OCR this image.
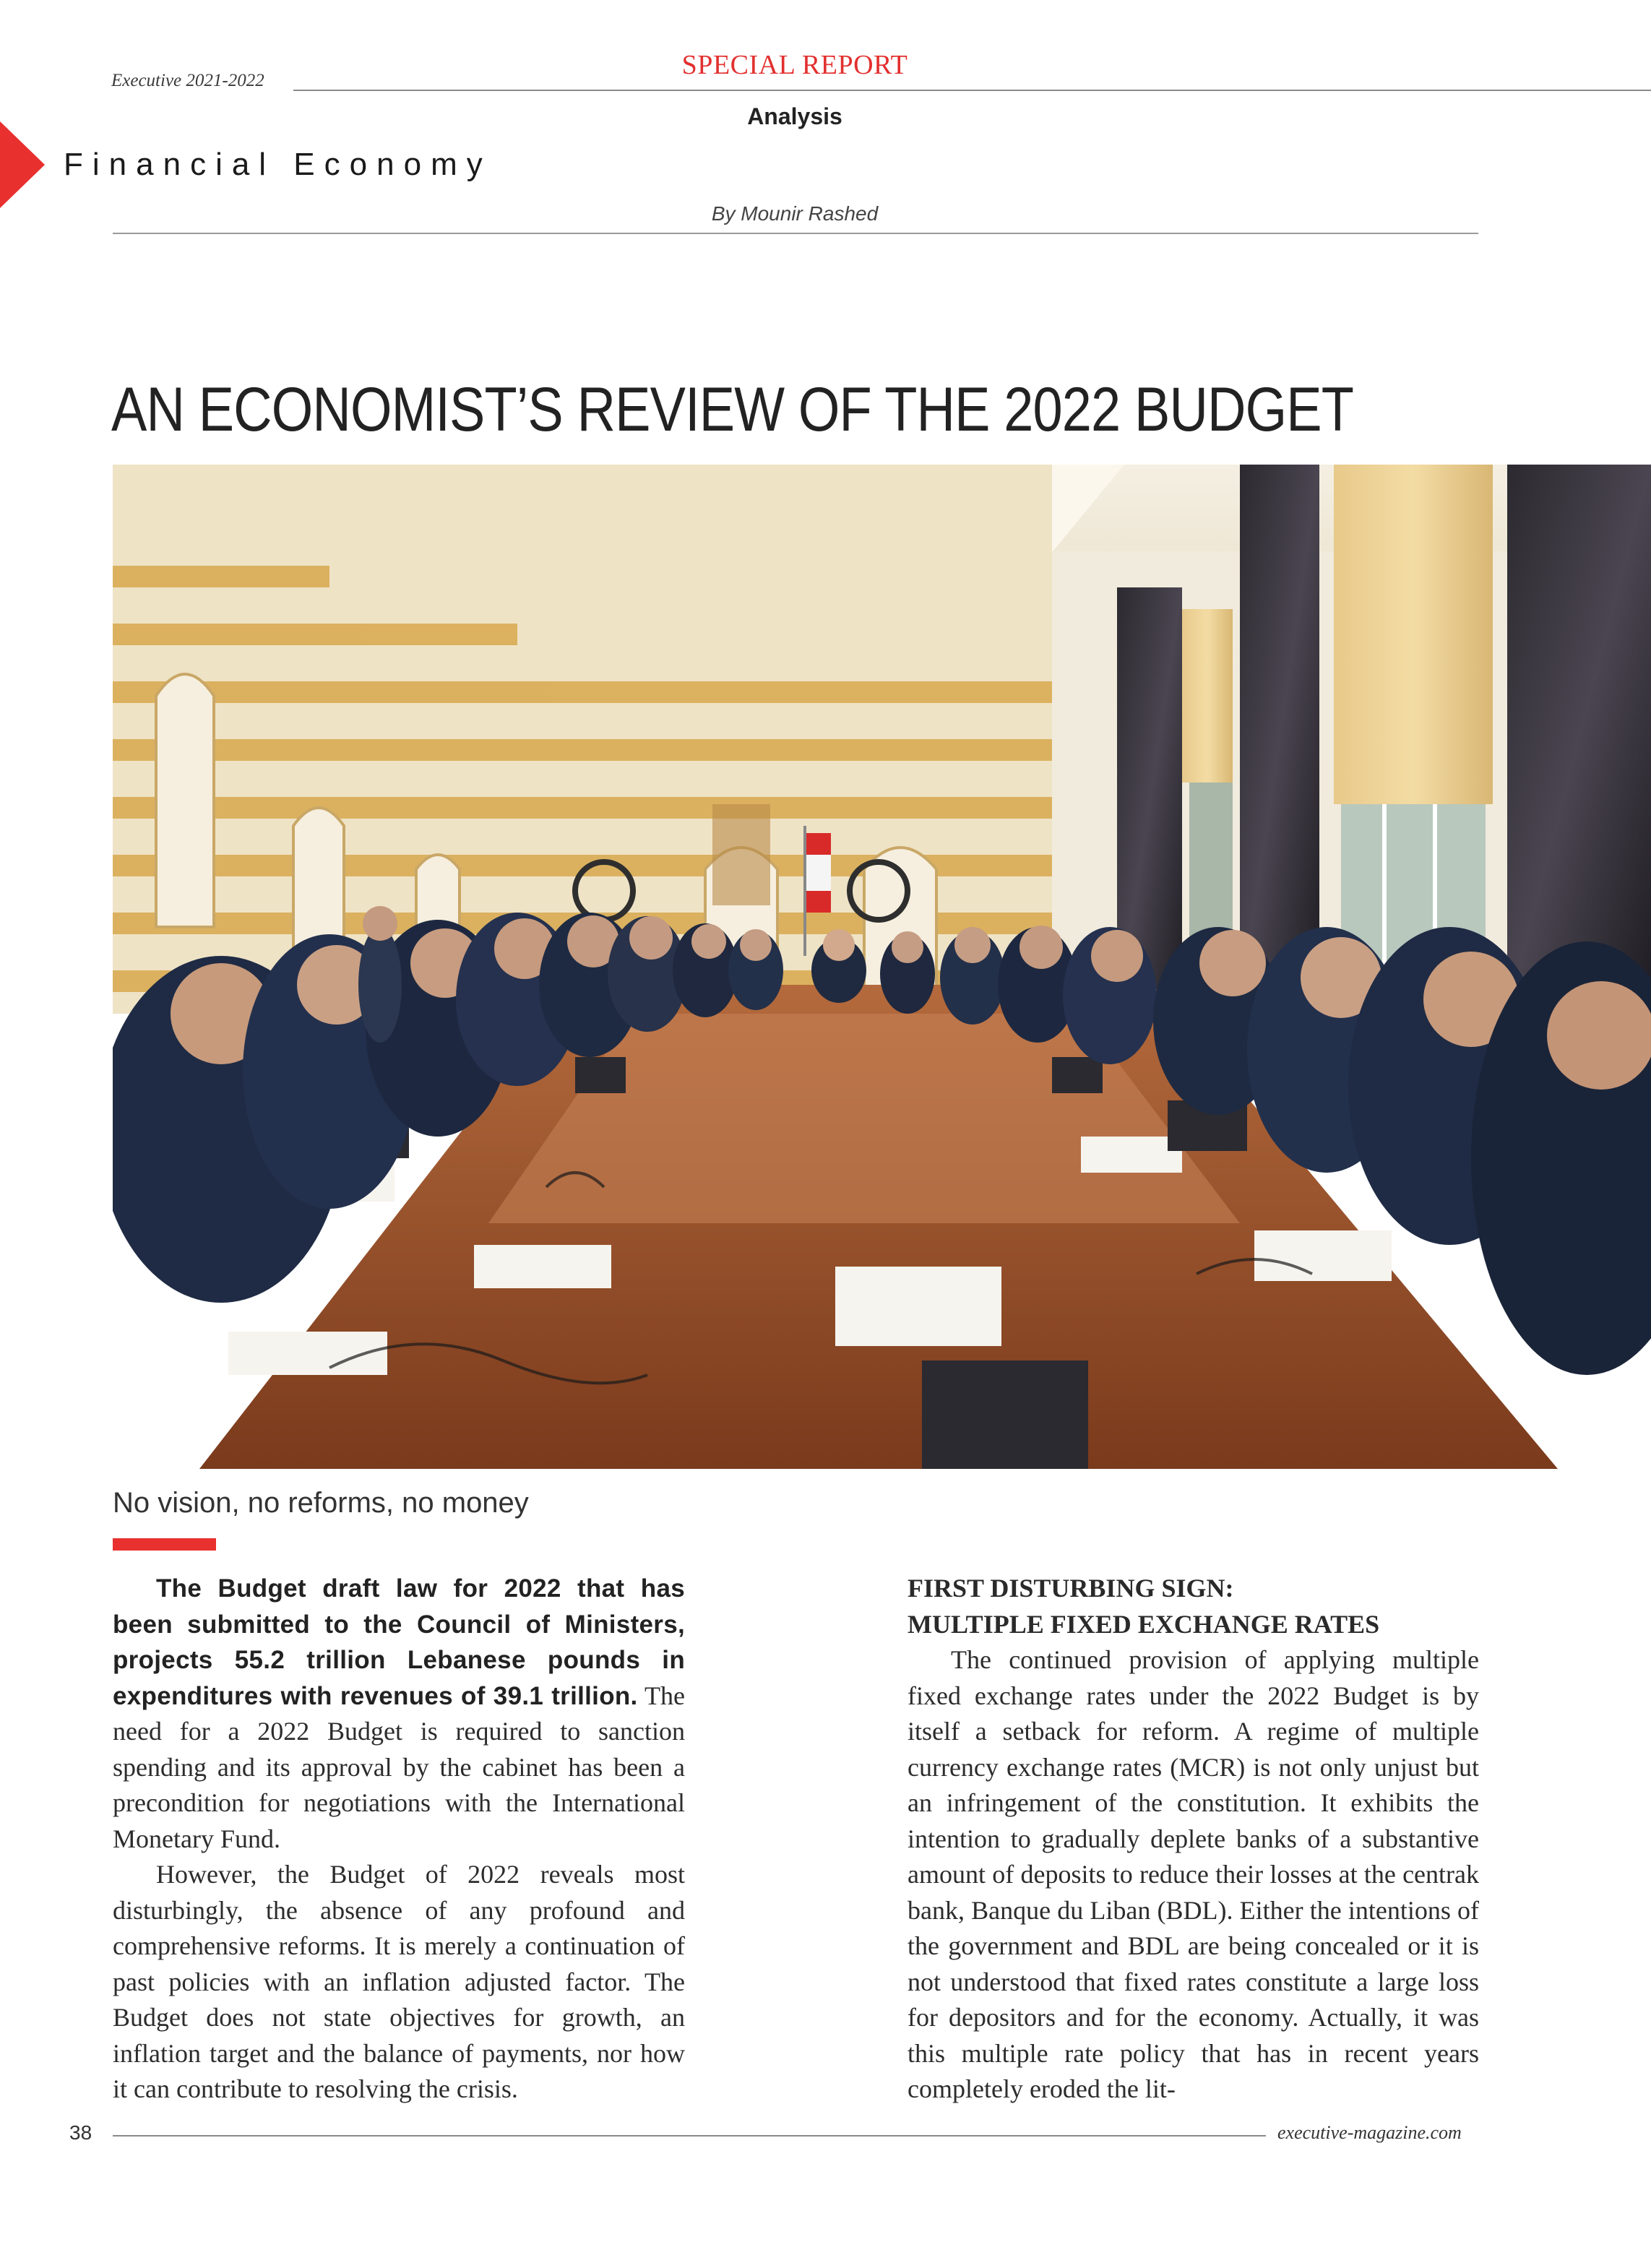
Executive 2021-2022
SPECIAL REPORT
Analysis
Financial Economy
By Mounir Rashed
AN ECONOMIST’S REVIEW OF THE 2022 BUDGET
No vision, no reforms, no money

The Budget draft law for 2022 that has been submitted to the Council of Ministers, projects 55.2 trillion Lebanese pounds in expenditures with revenues of 39.1 trillion. The need for a 2022 Budget is required to sanction spending and its approval by the cabinet has been a precondition for negotiations with the International Monetary Fund.

However, the Budget of 2022 reveals most disturbingly, the absence of any profound and comprehensive reforms. It is merely a continuation of past policies with an inflation adjusted factor. The Budget does not state objectives for growth, an inflation target and the balance of payments, nor how it can contribute to resolving the crisis.

FIRST DISTURBING SIGN:

MULTIPLE FIXED EXCHANGE RATES

The continued provision of applying multiple fixed exchange rates under the 2022 Budget is by itself a setback for reform. A regime of multiple currency exchange rates (MCR) is not only unjust but an infringement of the constitution. It exhibits the intention to gradually deplete banks of a substantive amount of deposits to reduce their losses at the centrak bank, Banque du Liban (BDL). Either the intentions of the government and BDL are being concealed or it is not understood that fixed rates constitute a large loss for depositors and for the economy. Actually, it was this multiple rate policy that has in recent years completely eroded the lit-

38	executive-magazine.com
